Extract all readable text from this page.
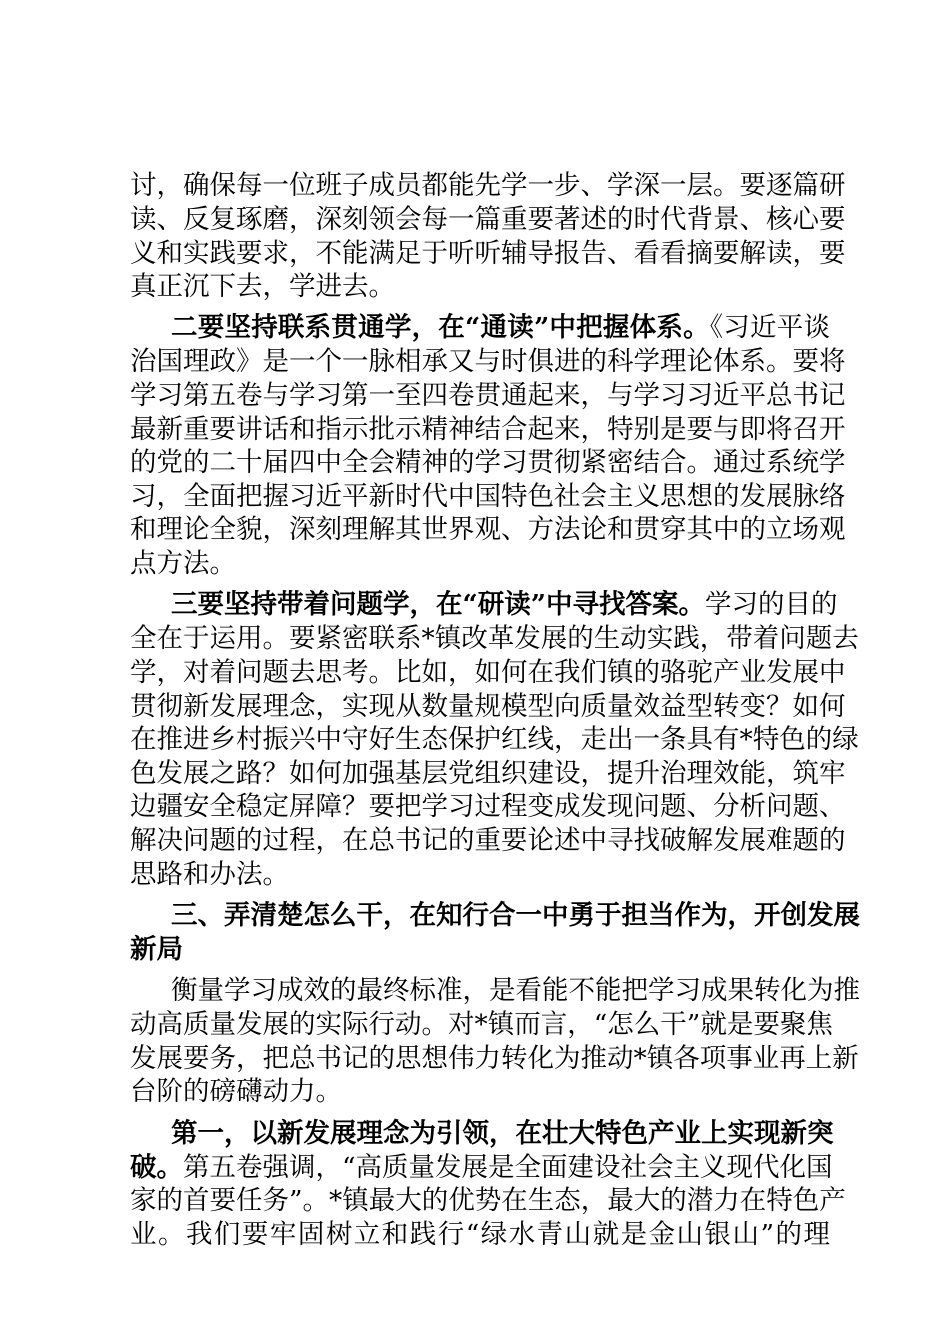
讨，确保每一位班子成员都能先学一步、学深一层。要逐篇研
读、反复琢磨，深刻领会每一篇重要著述的时代背景、核心要
义和实践要求，不能满足于听听辅导报告、看看摘要解读，要
真正沉下去，学进去。
二要坚持联系贯通学，在“通读”中把握体系。《习近平谈
治国理政》是一个一脉相承又与时俱进的科学理论体系。要将
学习第五卷与学习第一至四卷贯通起来，与学习习近平总书记
最新重要讲话和指示批示精神结合起来，特别是要与即将召开
的党的二十届四中全会精神的学习贯彻紧密结合。通过系统学
习，全面把握习近平新时代中国特色社会主义思想的发展脉络
和理论全貌，深刻理解其世界观、方法论和贯穿其中的立场观
点方法。
三要坚持带着问题学，在“研读”中寻找答案。学习的目的
全在于运用。要紧密联系*镇改革发展的生动实践，带着问题去
学，对着问题去思考。比如，如何在我们镇的骆驼产业发展中
贯彻新发展理念，实现从数量规模型向质量效益型转变？如何
在推进乡村振兴中守好生态保护红线，走出一条具有*特色的绿
色发展之路？如何加强基层党组织建设，提升治理效能，筑牢
边疆安全稳定屏障？要把学习过程变成发现问题、分析问题、
解决问题的过程，在总书记的重要论述中寻找破解发展难题的
思路和办法。
三、弄清楚怎么干，在知行合一中勇于担当作为，开创发展
新局
衡量学习成效的最终标准，是看能不能把学习成果转化为推
动高质量发展的实际行动。对*镇而言，“怎么干”就是要聚焦
发展要务，把总书记的思想伟力转化为推动*镇各项事业再上新
台阶的磅礴动力。
第一，以新发展理念为引领，在壮大特色产业上实现新突
破。第五卷强调，“高质量发展是全面建设社会主义现代化国
家的首要任务”。*镇最大的优势在生态，最大的潜力在特色产
业。我们要牢固树立和践行“绿水青山就是金山银山”的理
